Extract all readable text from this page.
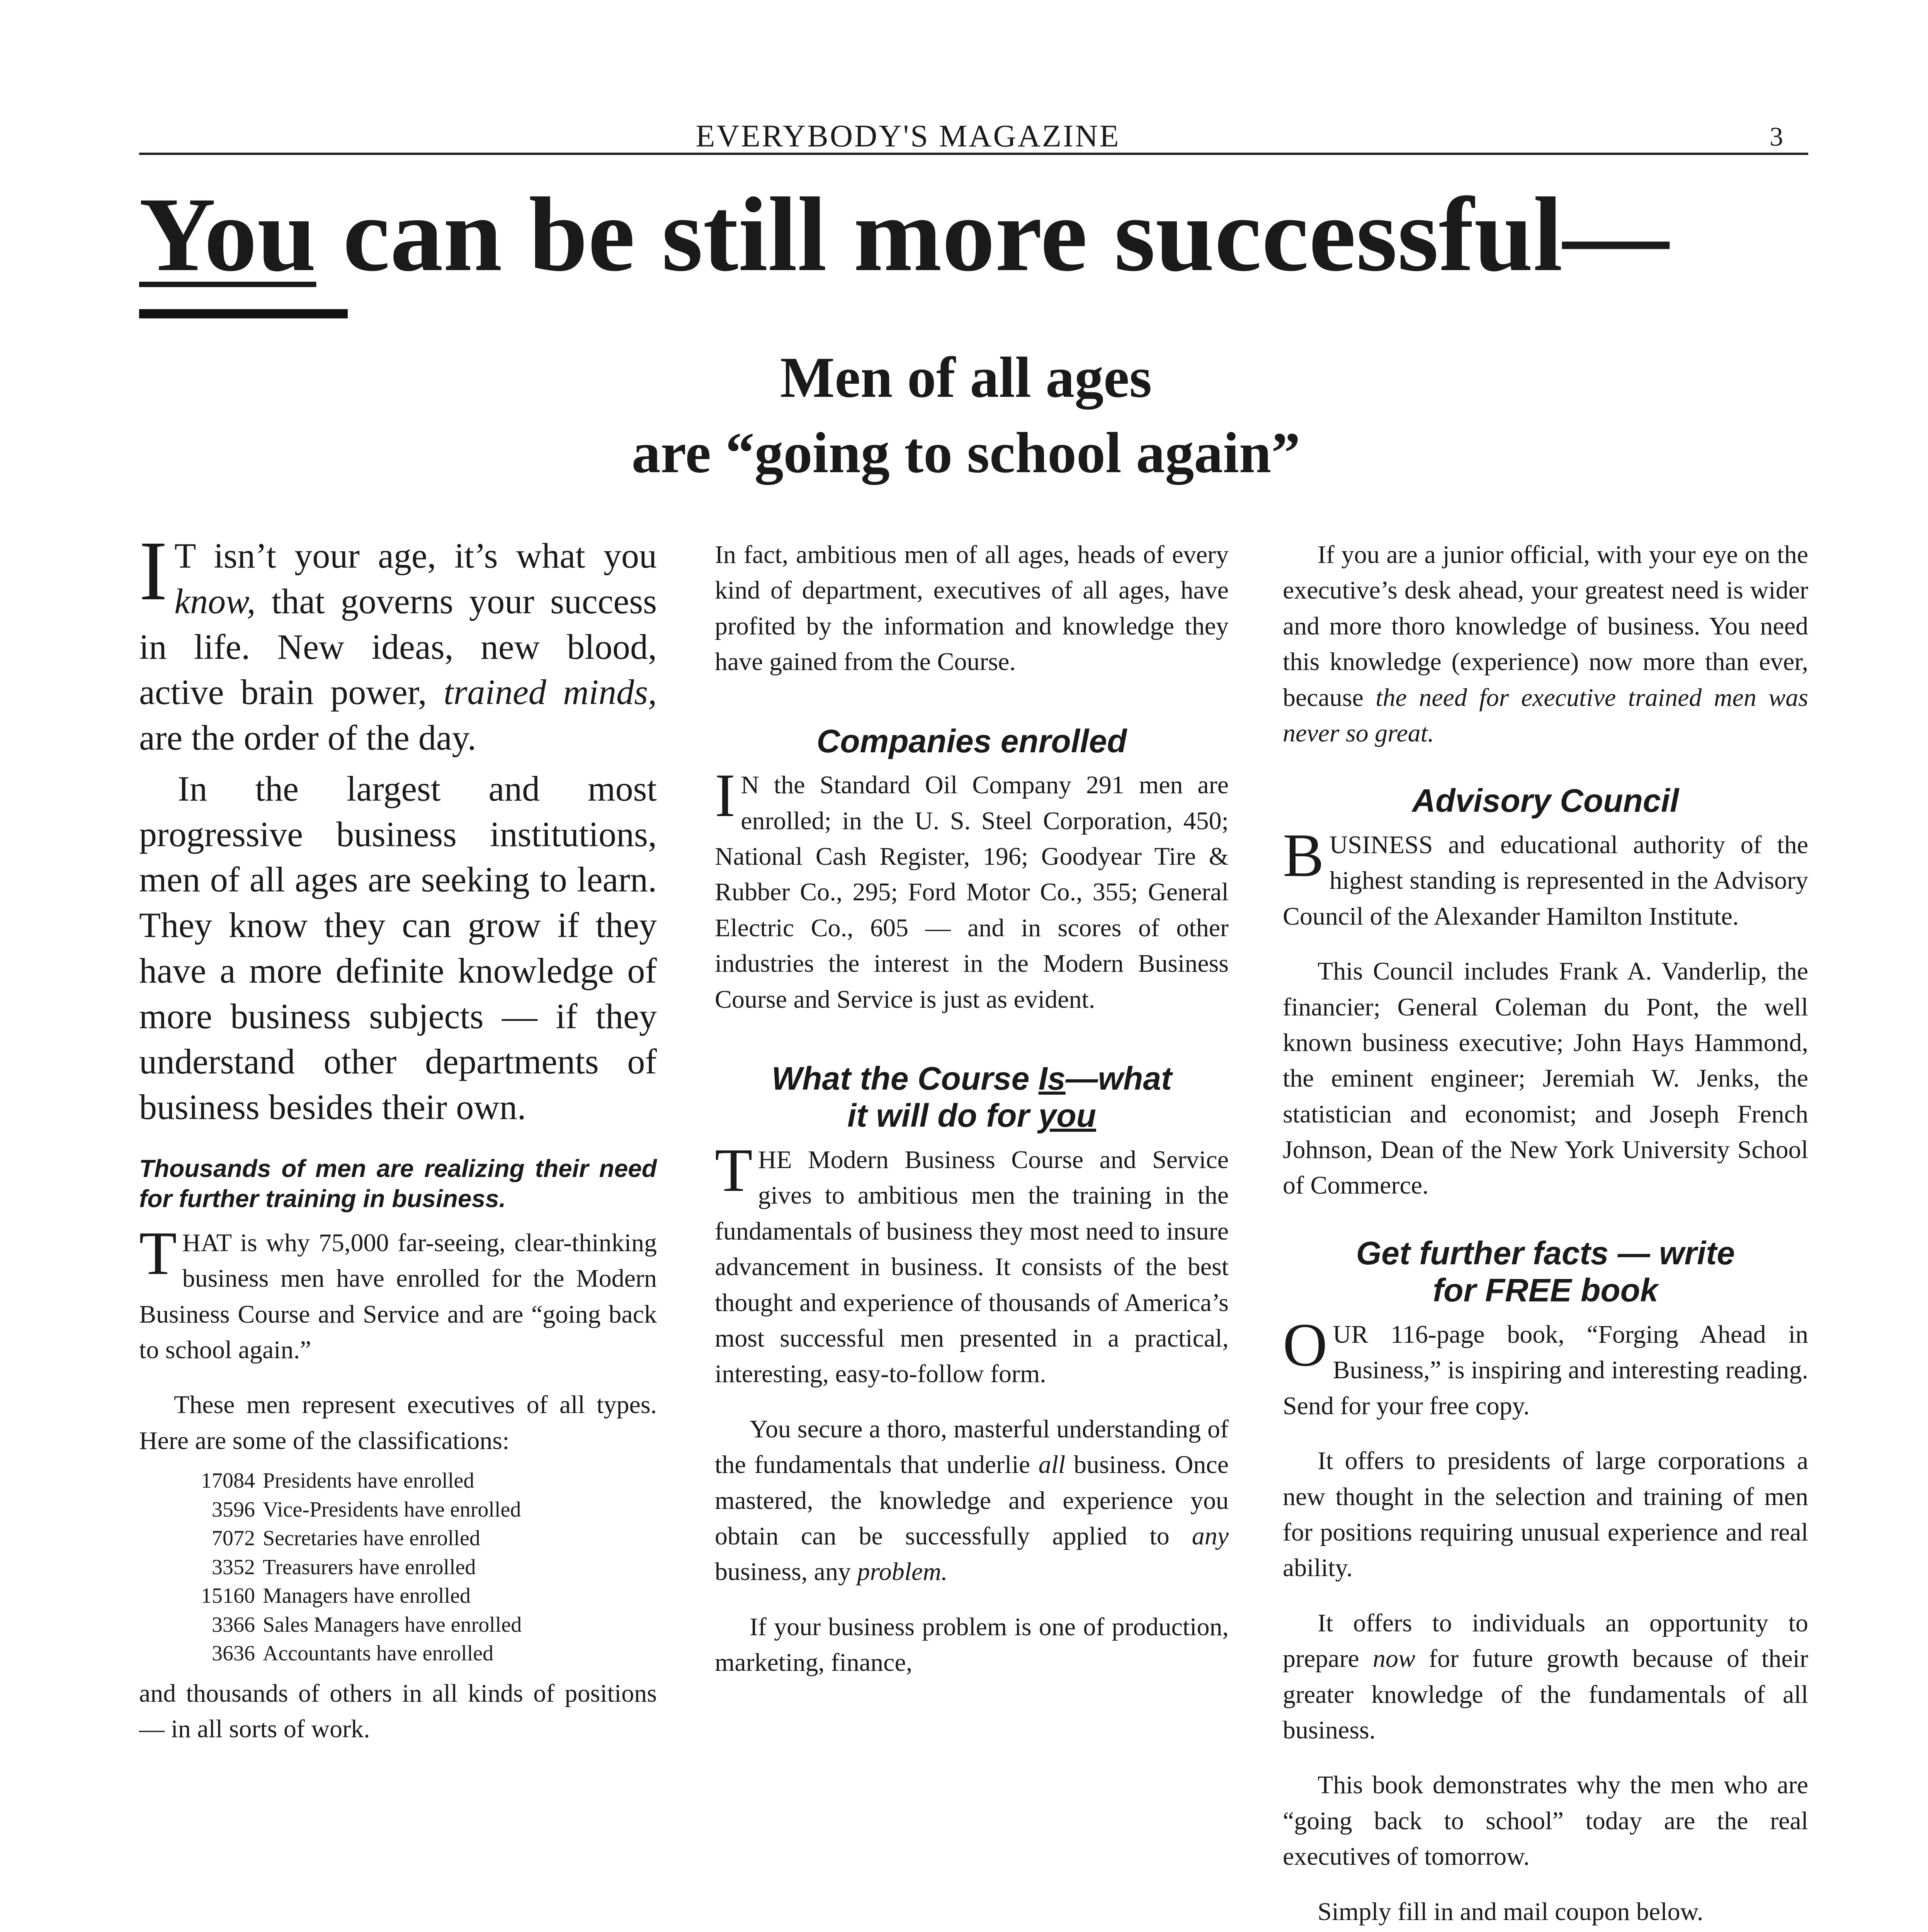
EVERYBODY'S MAGAZINE	3
You can be still more successful—
Men of all ages
are “going to school again”

I T isn’t your age, it’s what you know, that governs your success in life. New ideas, new blood, active brain power, trained minds, are the order of the day.

In the largest and most progressive business institutions, men of all ages are seeking to learn. They know they can grow if they have a more definite knowledge of more business subjects — if they understand other departments of business besides their own.

Thousands of men are realizing their need for further training in business.

THAT is why 75,000 far-seeing, clear-thinking business men have enrolled for the Modern Business Course and Service and are “going back to school again.”

These men represent executives of all types. Here are some of the classifications:

17084 Presidents have enrolled
3596 Vice-Presidents have enrolled
7072 Secretaries have enrolled
3352 Treasurers have enrolled
15160 Managers have enrolled
3366 Sales Managers have enrolled
3636 Accountants have enrolled

and thousands of others in all kinds of positions — in all sorts of work.

In fact, ambitious men of all ages, heads of every kind of department, executives of all ages, have profited by the information and knowledge they have gained from the Course.

Companies enrolled

I N the Standard Oil Company 291 men are enrolled; in the U. S. Steel Corporation, 450; National Cash Register, 196; Goodyear Tire & Rubber Co., 295; Ford Motor Co., 355; General Electric Co., 605 — and in scores of other industries the interest in the Modern Business Course and Service is just as evident.

What the Course Is—what
it will do for you

THE Modern Business Course and Service gives to ambitious men the training in the fundamentals of business they most need to insure advancement in business. It consists of the best thought and experience of thousands of America’s most successful men presented in a practical, interesting, easy-to-follow form.

You secure a thoro, masterful understanding of the fundamentals that underlie all business. Once mastered, the knowledge and experience you obtain can be successfully applied to any business, any problem.

If your business problem is one of production, marketing, finance,

If you are a junior official, with your eye on the executive’s desk ahead, your greatest need is wider and more thoro knowledge of business. You need this knowledge (experience) now more than ever, because the need for executive trained men was never so great.

Advisory Council

BUSINESS and educational authority of the highest standing is represented in the Advisory Council of the Alexander Hamilton Institute.

This Council includes Frank A. Vanderlip, the financier; General Coleman du Pont, the well known business executive; John Hays Hammond, the eminent engineer; Jeremiah W. Jenks, the statistician and economist; and Joseph French Johnson, Dean of the New York University School of Commerce.

Get further facts — write
for FREE book

OUR 116-page book, “Forging Ahead in Business,” is inspiring and interesting reading. Send for your free copy.

It offers to presidents of large corporations a new thought in the selection and training of men for positions requiring unusual experience and real ability.

It offers to individuals an opportunity to prepare now for future growth because of their greater knowledge of the fundamentals of all business.

This book demonstrates why the men who are “going back to school” today are the real executives of tomorrow.

Simply fill in and mail coupon below.
